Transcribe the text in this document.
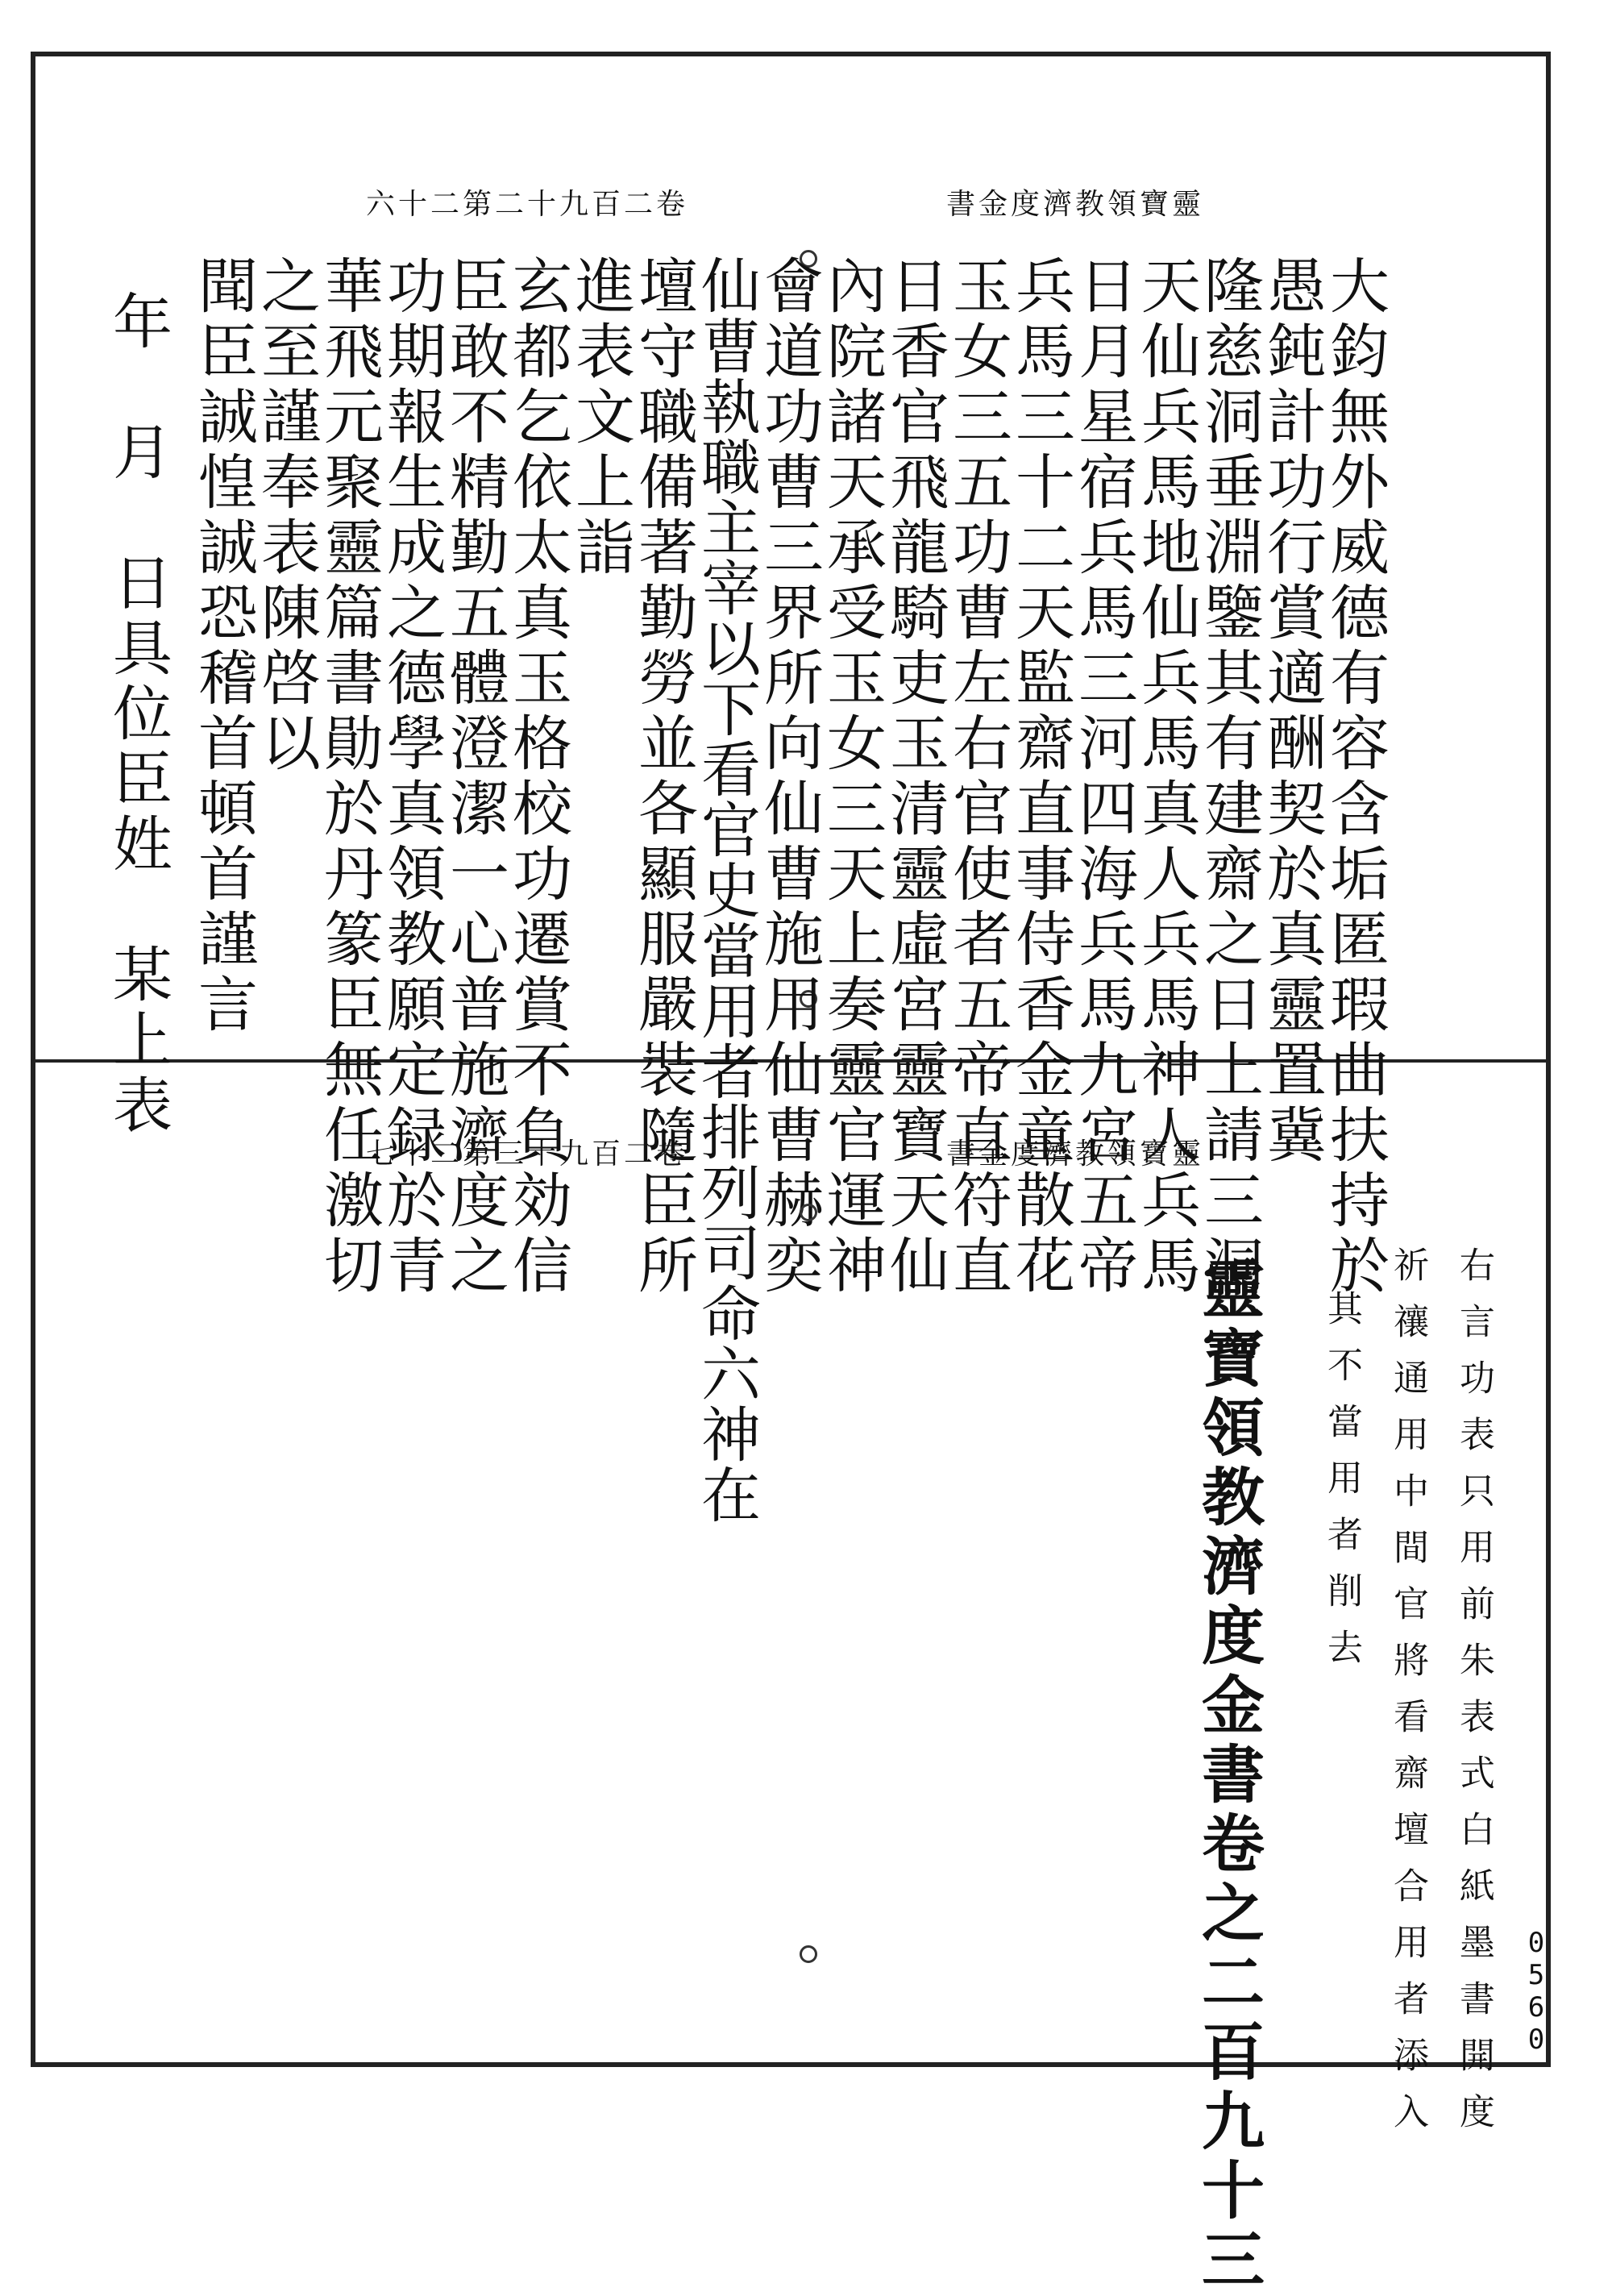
六十二第二十九百二卷	書金度濟教領寶靈
大鈞無外威德有容含垢匿瑕曲扶持於
愚鈍計功行賞適酬契於真靈置冀
隆慈洞垂淵鑒其有建齋之日上請三洞
天仙兵馬地仙兵馬真人兵馬神人兵馬
日月星宿兵馬三河四海兵馬九宮五帝
兵馬三十二天監齋直事侍香金童散花
玉女三五功曹左右官使者五帝直符直
日香官飛龍騎吏玉清靈虛宮靈寶天仙
內院諸天承受玉女三天上奏靈官運神
會道功曹三界所向仙曹施用仙曹赫奕
仙曹執職主宰以下看官史當用者排列司命六神在
壇守職備著勤勞並各顯服嚴裝隨臣所
進表文上詣
玄都乞依太真玉格校功遷賞不負効信
臣敢不精勤五體澄潔一心普施濟度之
功期報生成之德學真領教願定録於青
華飛元聚靈篇書勛於丹篆臣無任激切
之至謹奉表陳啓以
聞臣誠惶誠恐稽首頓首謹言
年　月　日具位臣姓　某上表
七十二第三十九百二卷	書金度濟教領寶靈
右言功表只用前朱表式白紙墨書開度
祈禳通用中間官將看齋壇合用者添入
其不當用者削去
靈寶領教濟度金書卷之二百九十三	0560
